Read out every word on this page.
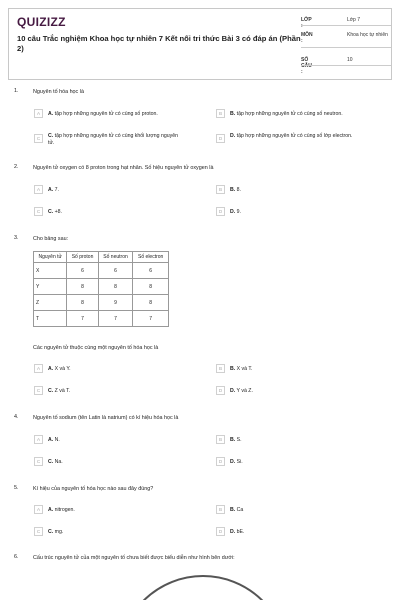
QUIZIZZ
10 câu Trắc nghiệm Khoa học tự nhiên 7 Kết nối tri thức Bài 3 có đáp án (Phần 2)
LỚP :
Lớp 7
MÔN :
Khoa học tự nhiên
SỐ CÂU :
10
1.	Nguyên tố hóa học là
A	A. tập hợp những nguyên tử có cùng số proton.	B	B. tập hợp những nguyên tử có cùng số neutron.
C	C. tập hợp những nguyên tử có cùng khối lượng nguyên tử.
D	D. tập hợp những nguyên tử có cùng số lớp electron.
2.	Nguyên tử oxygen có 8 proton trong hạt nhân. Số hiệu nguyên tử oxygen là
A	A. 7.	B	B. 8.
C	C. +8.	D	D. 9.
3.	Cho bảng sau:
Nguyên tử	Số proton	Số neutron	Số electron
X	6	6	6
Y	8	8	8
Z	8	9	8
T	7	7	7
Các nguyên tử thuộc cùng một nguyên tố hóa học là
A	A. X và Y.	B	B. X và T.
C	C. Z và T.	D	D. Y và Z.
4.	Nguyên tố sodium (tên Latin là natrium) có kí hiệu hóa học là
A	A. N.	B	B. S.
C	C. Na.	D	D. Si.
5.	Kí hiệu của nguyên tố hóa học nào sau đây đúng?
A	A. nitrogen.	B	B. Ca
C	C. mg.	D	D. bE.
6.	Cấu trúc nguyên tử của một nguyên tố chưa biết được biểu diễn như hình bên dưới:
